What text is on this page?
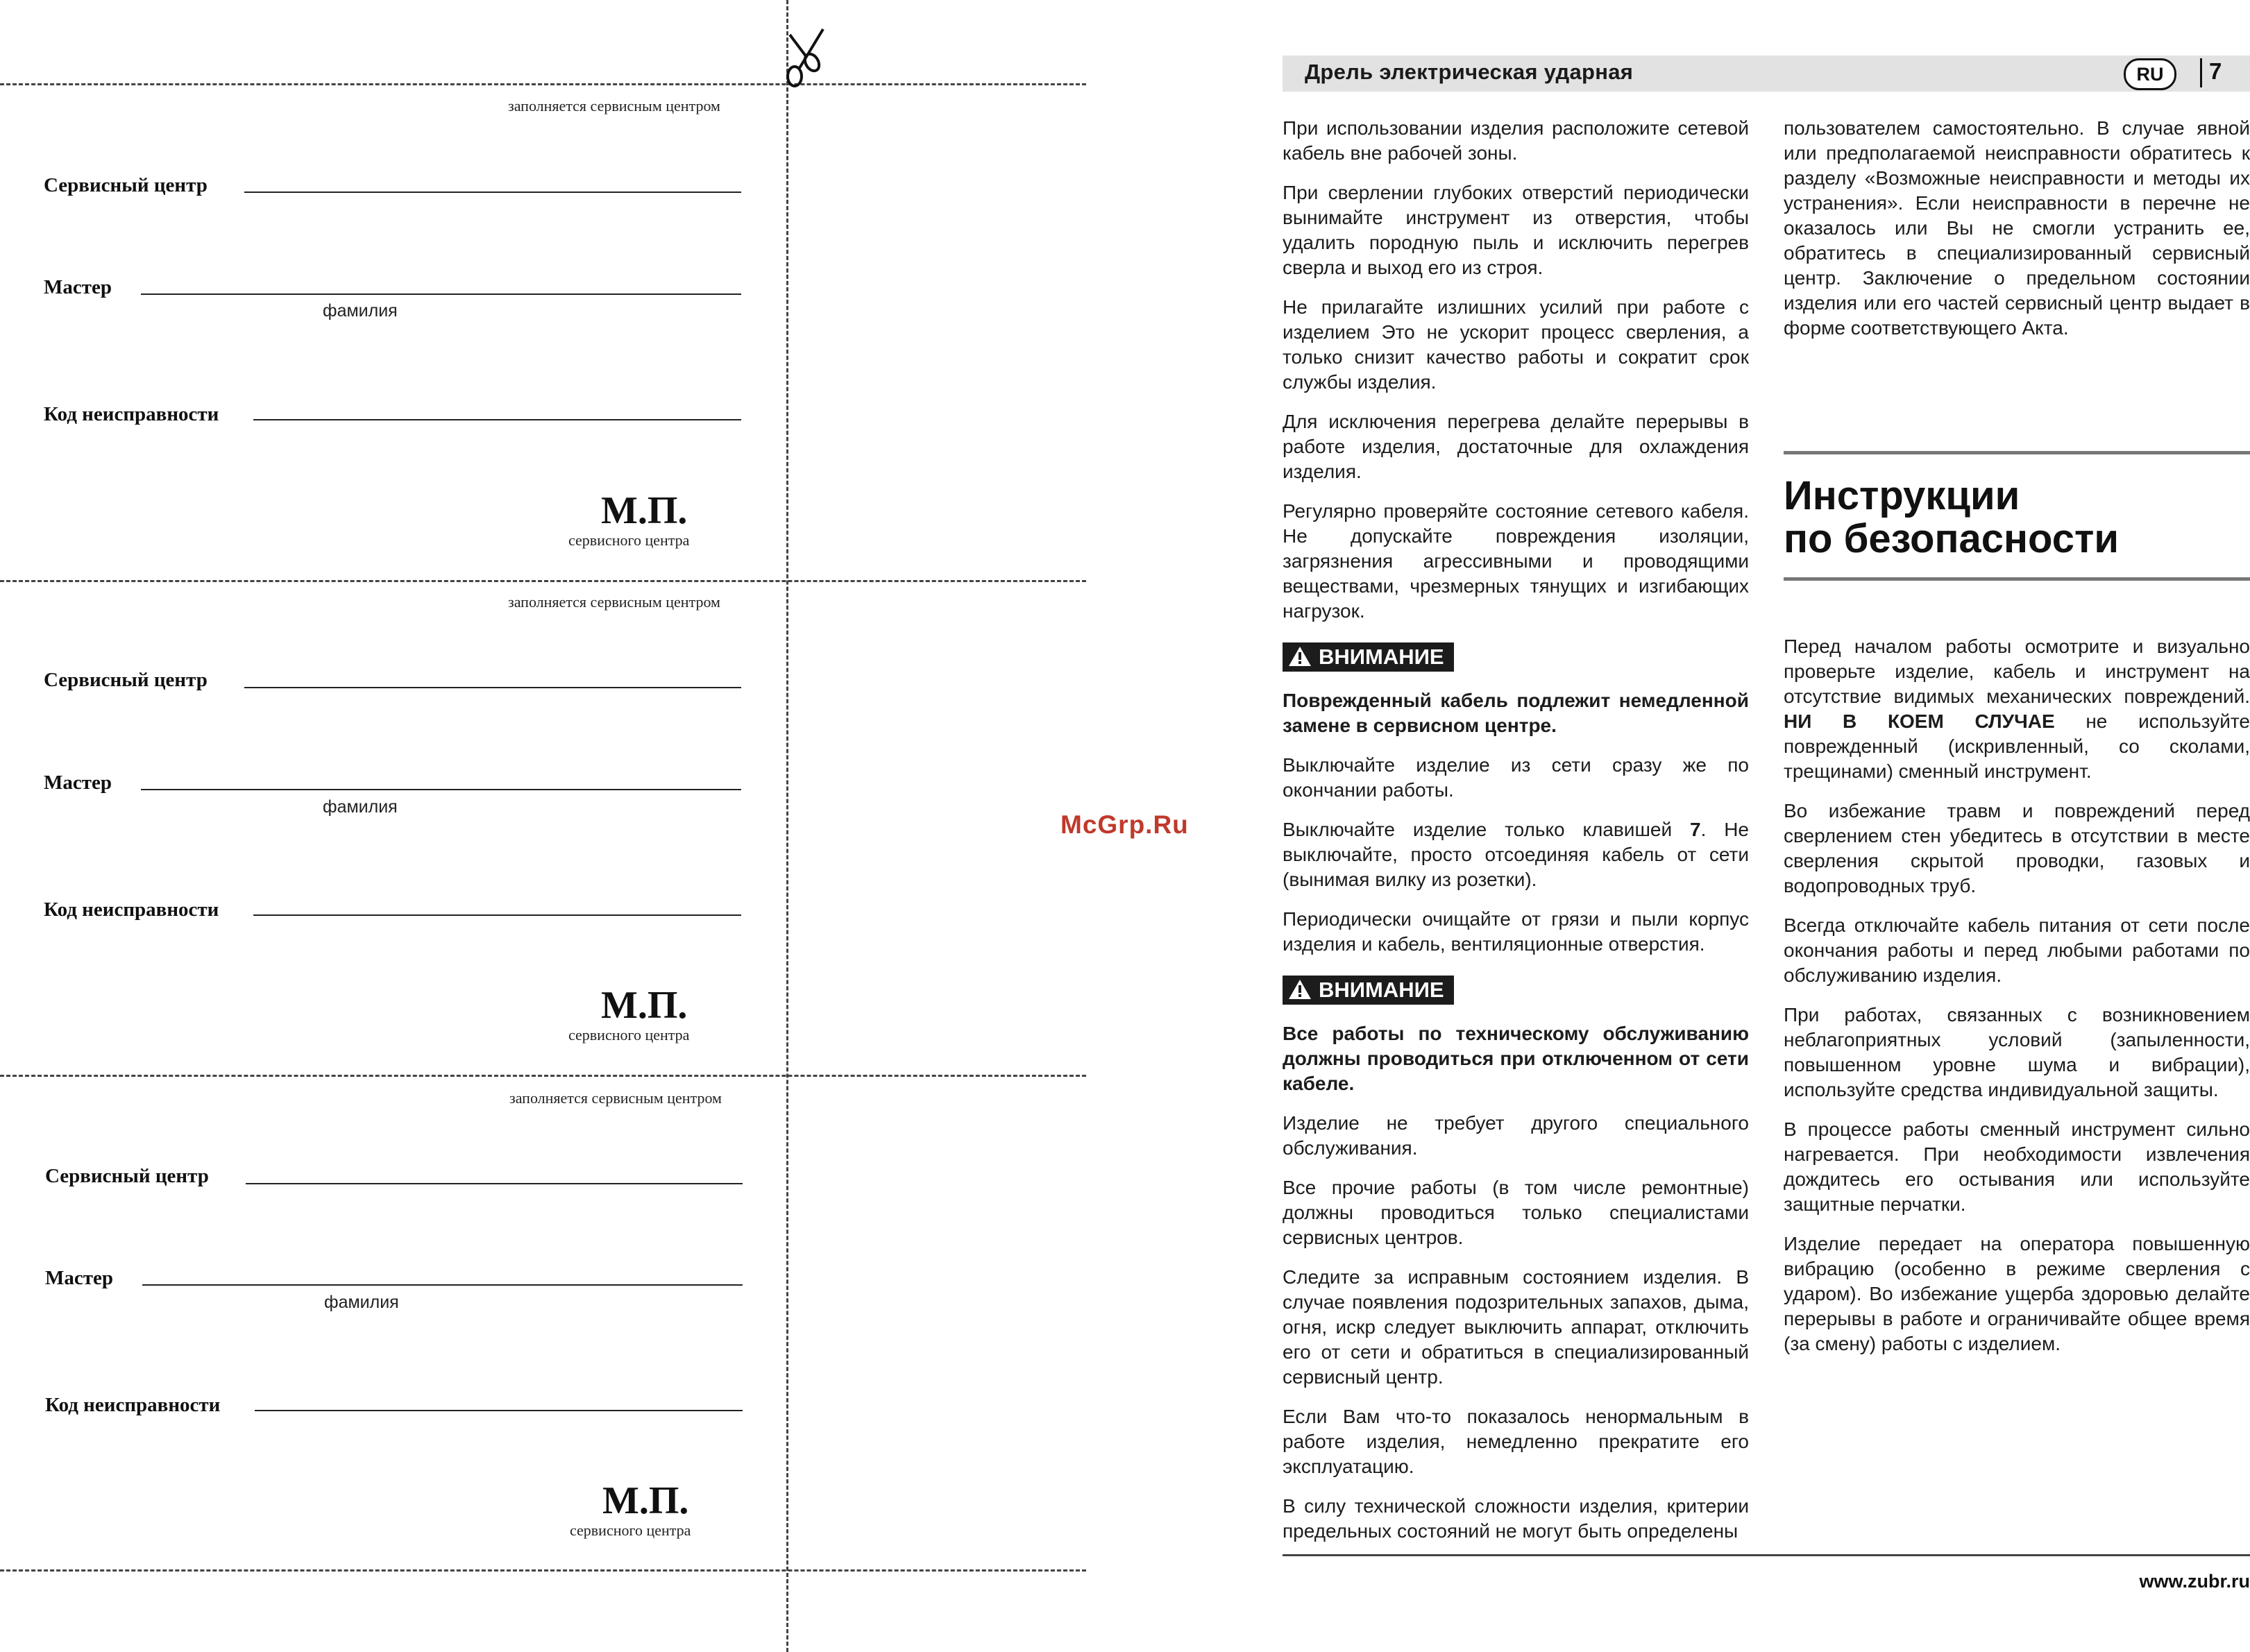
заполняется сервисным центром
Сервисный центр
Мастер
фамилия
Код неисправности
М.П.
сервисного центра
заполняется сервисным центром
Сервисный центр
Мастер
фамилия
Код неисправности
М.П.
сервисного центра
заполняется сервисным центром
Сервисный центр
Мастер
фамилия
Код неисправности
М.П.
сервисного центра
McGrp.Ru
Дрель электрическая ударная	RU	7

При использовании изделия расположите сетевой кабель вне рабочей зоны.

При сверлении глубоких отверстий периодически вынимайте инструмент из отверстия, чтобы удалить порoдную пыль и исключить перегрев сверла и выход его из строя.

Не прилагайте излишних усилий при работе с изделием Это не ускорит процесс сверления, а только снизит качество работы и сократит срок службы изделия.

Для исключения перегрева делайте перерывы в работе изделия, достаточные для охлаждения изделия.

Регулярно проверяйте состояние сетевого кабеля. Не допускайте повреждения изоляции, загрязнения агрессивными и проводящими веществами, чрезмерных тянущих и изгибающих нагрузок.

ВНИМАНИЕ

Поврежденный кабель подлежит немедленной замене в сервисном центре.

Выключайте изделие из сети сразу же по окончании работы.

Выключайте изделие только клавишей 7. Не выключайте, просто отсоединяя кабель от сети (вынимая вилку из розетки).

Периодически очищайте от грязи и пыли корпус изделия и кабель, вентиляционные отверстия.

ВНИМАНИЕ

Все работы по техническому обслуживанию должны проводиться при отключенном от сети кабеле.

Изделие не требует другого специального обслуживания.

Все прочие работы (в том числе ремонтные) должны проводиться только специалистами сервисных центров.

Следите за исправным состоянием изделия. В случае появления подозрительных запахов, дыма, огня, искр следует выключить аппарат, отключить его от сети и обратиться в специализированный сервисный центр.

Если Вам что-то показалось ненормальным в работе изделия, немедленно прекратите его эксплуатацию.

В силу технической сложности изделия, критерии предельных состояний не могут быть определены

пользователем самостоятельно. В случае явной или предполагаемой неисправности обратитесь к разделу «Возможные неисправности и методы их устранения». Если неисправности в перечне не оказалось или Вы не смогли устранить ее, обратитесь в специализированный сервисный центр. Заключение о предельном состоянии изделия или его частей сервисный центр выдает в форме соответствующего Акта.

Инструкции
по безопасности

Перед началом работы осмотрите и визуально проверьте изделие, кабель и инструмент на отсутствие видимых механических повреждений. НИ В КОЕМ СЛУЧАЕ не используйте поврежденный (искривленный, со сколами, трещинами) сменный инструмент.

Во избежание травм и повреждений перед сверлением стен убедитесь в отсутствии в месте сверления скрытой проводки, газовых и водопроводных труб.

Всегда отключайте кабель питания от сети после окончания работы и перед любыми работами по обслуживанию изделия.

При работах, связанных с возникновением неблагоприятных условий (запыленности, повышенном уровне шума и вибрации), используйте средства индивидуальной защиты.

В процессе работы сменный инструмент сильно нагревается. При необходимости извлечения дождитесь его остывания или используйте защитные перчатки.

Изделие передает на оператора повышенную вибрацию (особенно в режиме сверления с ударом). Во избежание ущерба здоровью делайте перерывы в работе и ограничивайте общее время (за смену) работы с изделием.

www.zubr.ru
